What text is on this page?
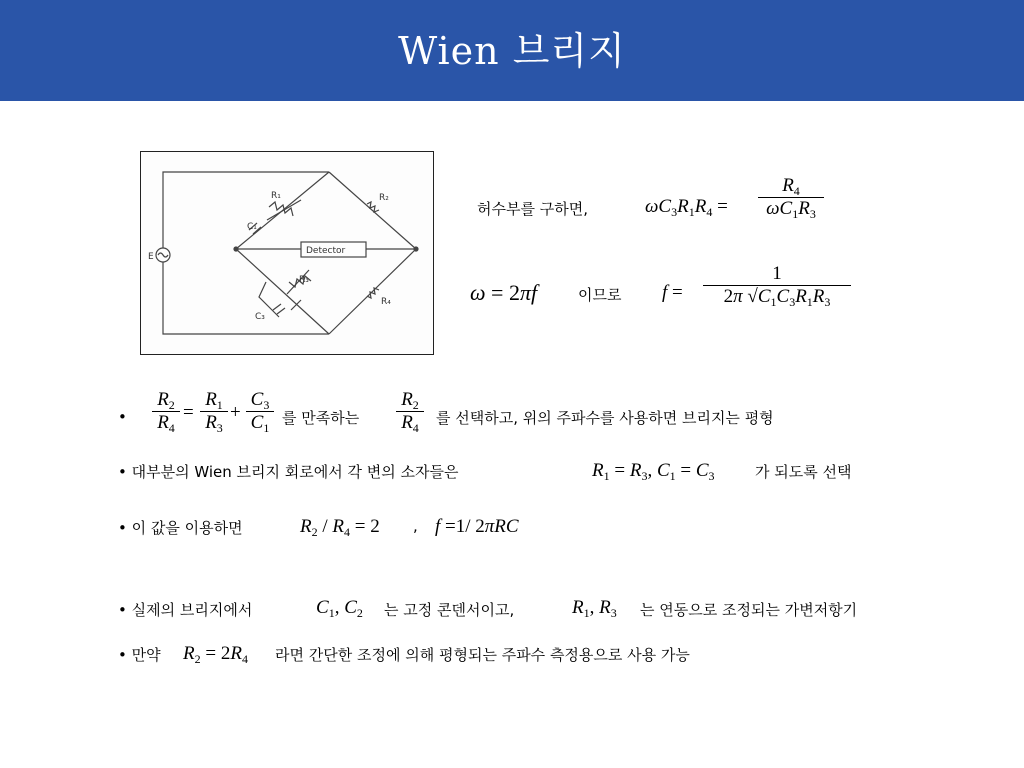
Wien 브리지
R₁	R₂
R₃
R₄
C₁
C₃
E
Detector
허수부를 구하면,	$\omega C_3R_1R_4$ =
$R_4$
$\omega C_1R_3$
ω = 2πf	이므로 f =
1
2π $√C_1C_3R_1R_3$
•
$R_2$
$R_4$
=
$R_1$
$R_3$
+
$C_3$
$C_1$
를 만족하는
$R_2$
$R_4$
를 선택하고, 위의 주파수를 사용하면 브리지는 평형
• 대부분의 Wien 브리지 회로에서 각 변의 소자들은	$R_1 = R_3$, $C_1 = C_3$	가 되도록 선택
• 이 값을 이용하면	$R_2 / R_4 = 2$ , f =1/ 2πRC
• 실제의 브리지에서	$C_1$, $C_2$ 는 고정 콘덴서이고,	$R_1$, $R_3$ 는 연동으로 조정되는 가변저항기
• 만약 $R_2 = 2R_4$ 라면 간단한 조정에 의해 평형되는 주파수 측정용으로 사용 가능
